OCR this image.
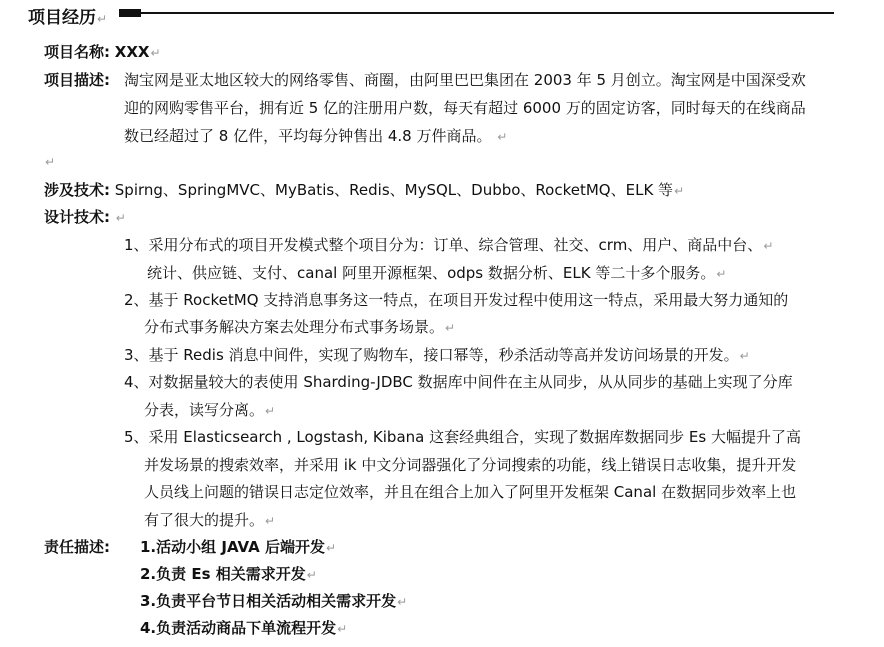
项目经历↵
项目名称: XXX↵
项目描述: 淘宝网是亚太地区较大的网络零售、商圈，由阿里巴巴集团在 2003 年 5 月创立。淘宝网是中国深受欢
迎的网购零售平台，拥有近 5 亿的注册用户数，每天有超过 6000 万的固定访客，同时每天的在线商品
数已经超过了 8 亿件，平均每分钟售出 4.8 万件商品。 ↵
↵
涉及技术: Spirng、SpringMVC、MyBatis、Redis、MySQL、Dubbo、RocketMQ、ELK 等↵
设计技术: ↵
1、采用分布式的项目开发模式整个项目分为：订单、综合管理、社交、crm、用户、商品中台、↵
统计、供应链、支付、canal 阿里开源框架、odps 数据分析、ELK 等二十多个服务。↵
2、基于 RocketMQ 支持消息事务这一特点，在项目开发过程中使用这一特点，采用最大努力通知的
分布式事务解决方案去处理分布式事务场景。↵
3、基于 Redis 消息中间件，实现了购物车，接口幂等，秒杀活动等高并发访问场景的开发。↵
4、对数据量较大的表使用 Sharding-JDBC 数据库中间件在主从同步，从从同步的基础上实现了分库
分表，读写分离。↵
5、采用 Elasticsearch , Logstash, Kibana 这套经典组合，实现了数据库数据同步 Es 大幅提升了高
并发场景的搜索效率，并采用 ik 中文分词器强化了分词搜索的功能，线上错误日志收集，提升开发
人员线上问题的错误日志定位效率，并且在组合上加入了阿里开发框架 Canal 在数据同步效率上也
有了很大的提升。↵
责任描述: 1.活动小组 JAVA 后端开发↵
2.负责 Es 相关需求开发↵
3.负责平台节日相关活动相关需求开发↵
4.负责活动商品下单流程开发↵
